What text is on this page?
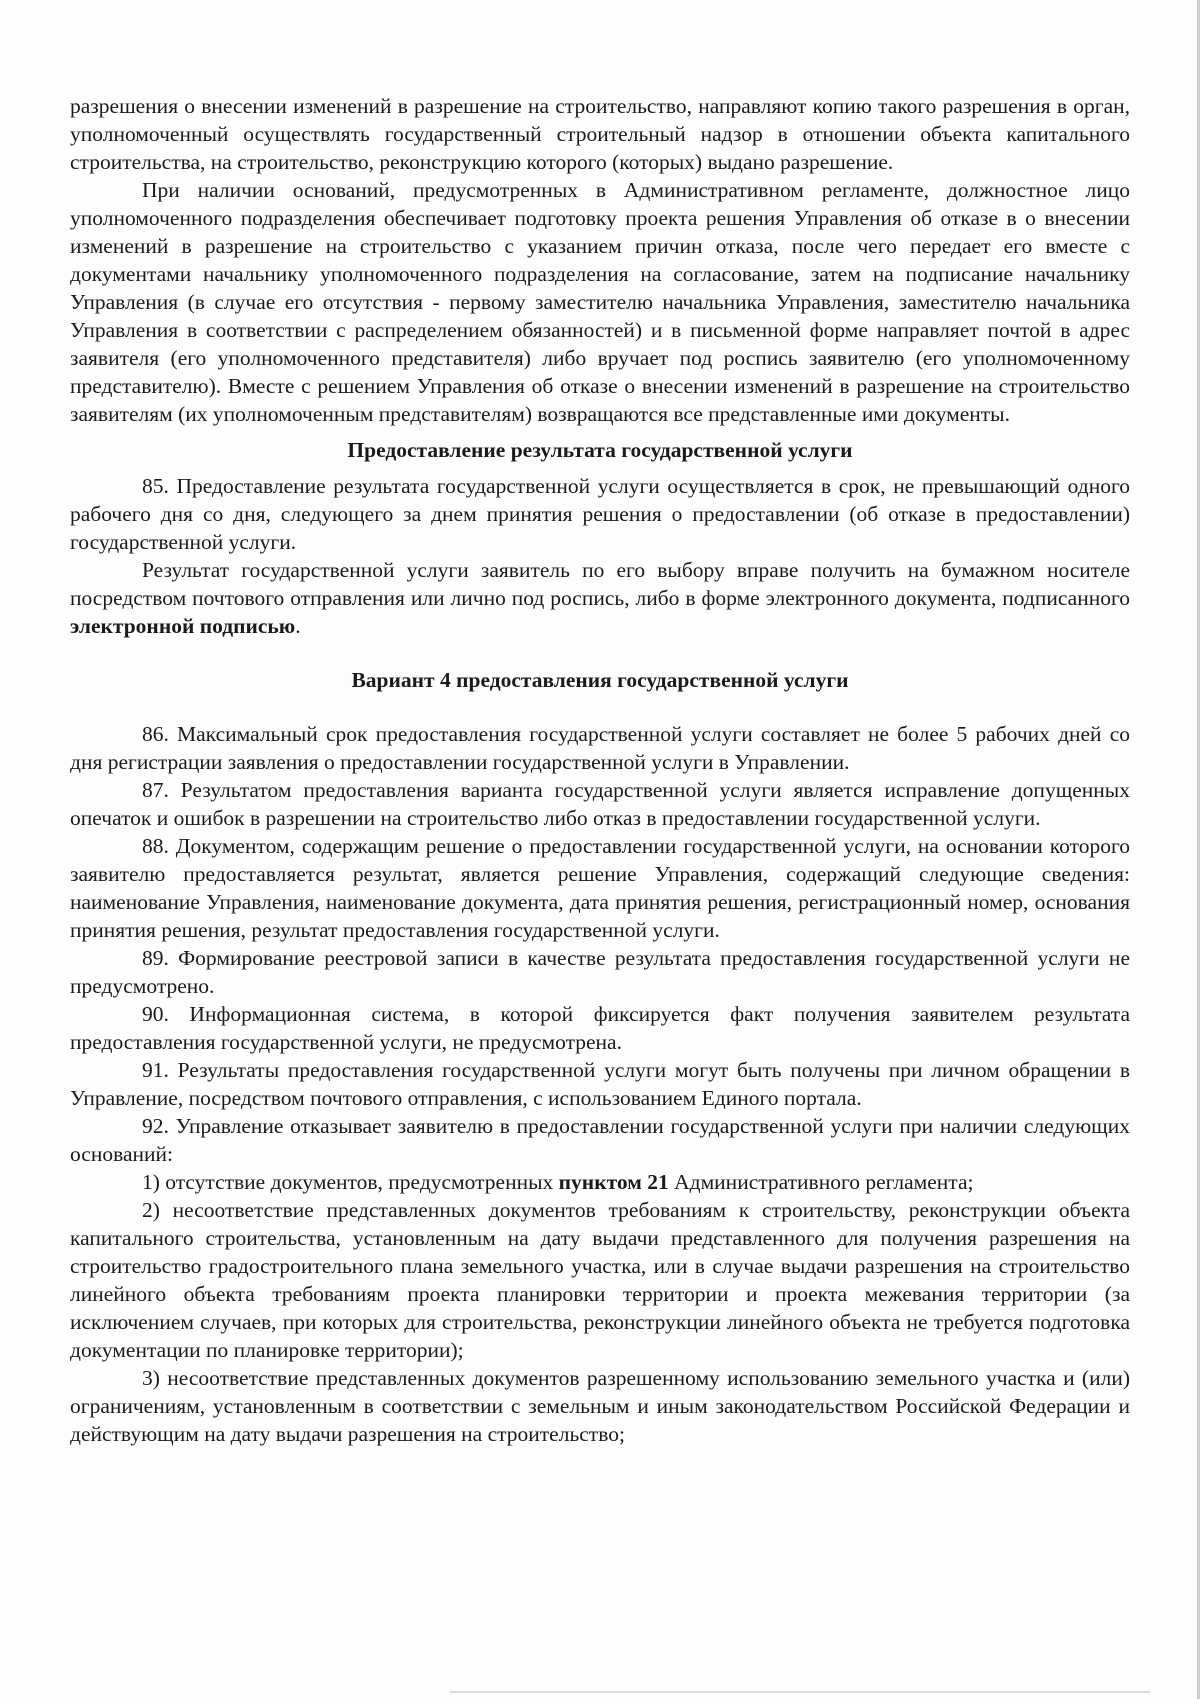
разрешения о внесении изменений в разрешение на строительство, направляют копию такого разрешения в орган, уполномоченный осуществлять государственный строительный надзор в отношении объекта капитального строительства, на строительство, реконструкцию которого (которых) выдано разрешение.

При наличии оснований, предусмотренных в Административном регламенте, должностное лицо уполномоченного подразделения обеспечивает подготовку проекта решения Управления об отказе в о внесении изменений в разрешение на строительство с указанием причин отказа, после чего передает его вместе с документами начальнику уполномоченного подразделения на согласование, затем на подписание начальнику Управления (в случае его отсутствия - первому заместителю начальника Управления, заместителю начальника Управления в соответствии с распределением обязанностей) и в письменной форме направляет почтой в адрес заявителя (его уполномоченного представителя) либо вручает под роспись заявителю (его уполномоченному представителю). Вместе с решением Управления об отказе о внесении изменений в разрешение на строительство заявителям (их уполномоченным представителям) возвращаются все представленные ими документы.

Предоставление результата государственной услуги

85. Предоставление результата государственной услуги осуществляется в срок, не превышающий одного рабочего дня со дня, следующего за днем принятия решения о предоставлении (об отказе в предоставлении) государственной услуги.

Результат государственной услуги заявитель по его выбору вправе получить на бумажном носителе посредством почтового отправления или лично под роспись, либо в форме электронного документа, подписанного электронной подписью.

Вариант 4 предоставления государственной услуги

86. Максимальный срок предоставления государственной услуги составляет не более 5 рабочих дней со дня регистрации заявления о предоставлении государственной услуги в Управлении.

87. Результатом предоставления варианта государственной услуги является исправление допущенных опечаток и ошибок в разрешении на строительство либо отказ в предоставлении государственной услуги.

88. Документом, содержащим решение о предоставлении государственной услуги, на основании которого заявителю предоставляется результат, является решение Управления, содержащий следующие сведения: наименование Управления, наименование документа, дата принятия решения, регистрационный номер, основания принятия решения, результат предоставления государственной услуги.

89. Формирование реестровой записи в качестве результата предоставления государственной услуги не предусмотрено.

90. Информационная система, в которой фиксируется факт получения заявителем результата предоставления государственной услуги, не предусмотрена.

91. Результаты предоставления государственной услуги могут быть получены при личном обращении в Управление, посредством почтового отправления, с использованием Единого портала.

92. Управление отказывает заявителю в предоставлении государственной услуги при наличии следующих оснований:

1) отсутствие документов, предусмотренных пунктом 21 Административного регламента;

2) несоответствие представленных документов требованиям к строительству, реконструкции объекта капитального строительства, установленным на дату выдачи представленного для получения разрешения на строительство градостроительного плана земельного участка, или в случае выдачи разрешения на строительство линейного объекта требованиям проекта планировки территории и проекта межевания территории (за исключением случаев, при которых для строительства, реконструкции линейного объекта не требуется подготовка документации по планировке территории);

3) несоответствие представленных документов разрешенному использованию земельного участка и (или) ограничениям, установленным в соответствии с земельным и иным законодательством Российской Федерации и действующим на дату выдачи разрешения на строительство;
